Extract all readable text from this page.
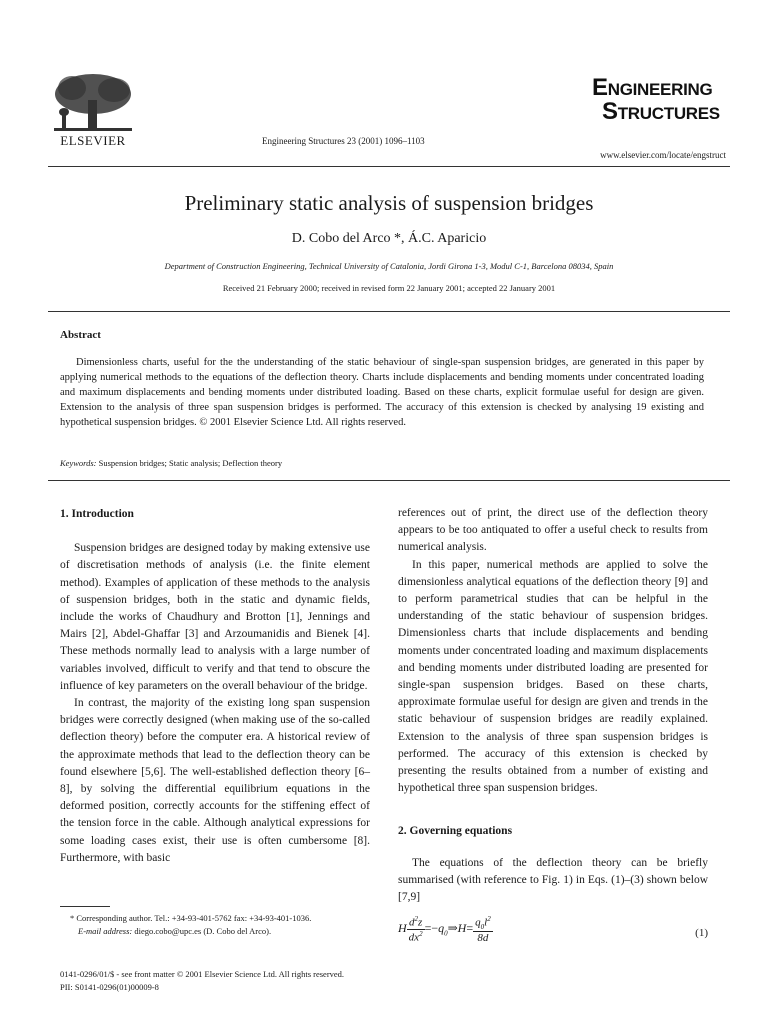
ELSEVIER	Engineering Structures 23 (2001) 1096–1103
ENGINEERING
STRUCTURES
www.elsevier.com/locate/engstruct
Preliminary static analysis of suspension bridges
D. Cobo del Arco *, Á.C. Aparicio
Department of Construction Engineering, Technical University of Catalonia, Jordi Girona 1-3, Modul C-1, Barcelona 08034, Spain
Received 21 February 2000; received in revised form 22 January 2001; accepted 22 January 2001
Abstract

Dimensionless charts, useful for the the understanding of the static behaviour of single-span suspension bridges, are generated in this paper by applying numerical methods to the equations of the deflection theory. Charts include displacements and bending moments under concentrated loading and maximum displacements and bending moments under distributed loading. Based on these charts, explicit formulae useful for design are given. Extension to the analysis of three span suspension bridges is performed. The accuracy of this extension is checked by analysing 19 existing and hypothetical suspension bridges. © 2001 Elsevier Science Ltd. All rights reserved.

Keywords: Suspension bridges; Static analysis; Deflection theory
1. Introduction

Suspension bridges are designed today by making extensive use of discretisation methods of analysis (i.e. the finite element method). Examples of application of these methods to the analysis of suspension bridges, both in the static and dynamic fields, include the works of Chaudhury and Brotton [1], Jennings and Mairs [2], Abdel-Ghaffar [3] and Arzoumanidis and Bienek [4]. These methods normally lead to analysis with a large number of variables involved, difficult to verify and that tend to obscure the influence of key parameters on the overall behaviour of the bridge.

In contrast, the majority of the existing long span suspension bridges were correctly designed (when making use of the so-called deflection theory) before the computer era. A historical review of the approximate methods that lead to the deflection theory can be found elsewhere [5,6]. The well-established deflection theory [6–8], by solving the differential equilibrium equations in the deformed position, correctly accounts for the stiffening effect of the tension force in the cable. Although analytical expressions for some loading cases exist, their use is often cumbersome [8]. Furthermore, with basic

references out of print, the direct use of the deflection theory appears to be too antiquated to offer a useful check to results from numerical analysis.

In this paper, numerical methods are applied to solve the dimensionless analytical equations of the deflection theory [9] and to perform parametrical studies that can be helpful in the understanding of the static behaviour of suspension bridges. Dimensionless charts that include displacements and bending moments under concentrated loading and maximum displacements and bending moments under distributed loading are presented for single-span suspension bridges. Based on these charts, approximate formulae useful for design are given and trends in the static behaviour of suspension bridges are readily explained. Extension to the analysis of three span suspension bridges is performed. The accuracy of this extension is checked by presenting the results obtained from a number of existing and hypothetical three span suspension bridges.

2. Governing equations

The equations of the deflection theory can be briefly summarised (with reference to Fig. 1) in Eqs. (1)–(3) shown below [7,9]

H $\frac{d^2z}{dx^2}$ $=-q_0\Rightarrow H= \frac{q_0l^2}{8d}$	(1)
* Corresponding author. Tel.: +34-93-401-5762 fax: +34-93-401-1036.
E-mail address: diego.cobo@upc.es (D. Cobo del Arco).
0141-0296/01/$ - see front matter © 2001 Elsevier Science Ltd. All rights reserved.
PII: S0141-0296(01)00009-8
